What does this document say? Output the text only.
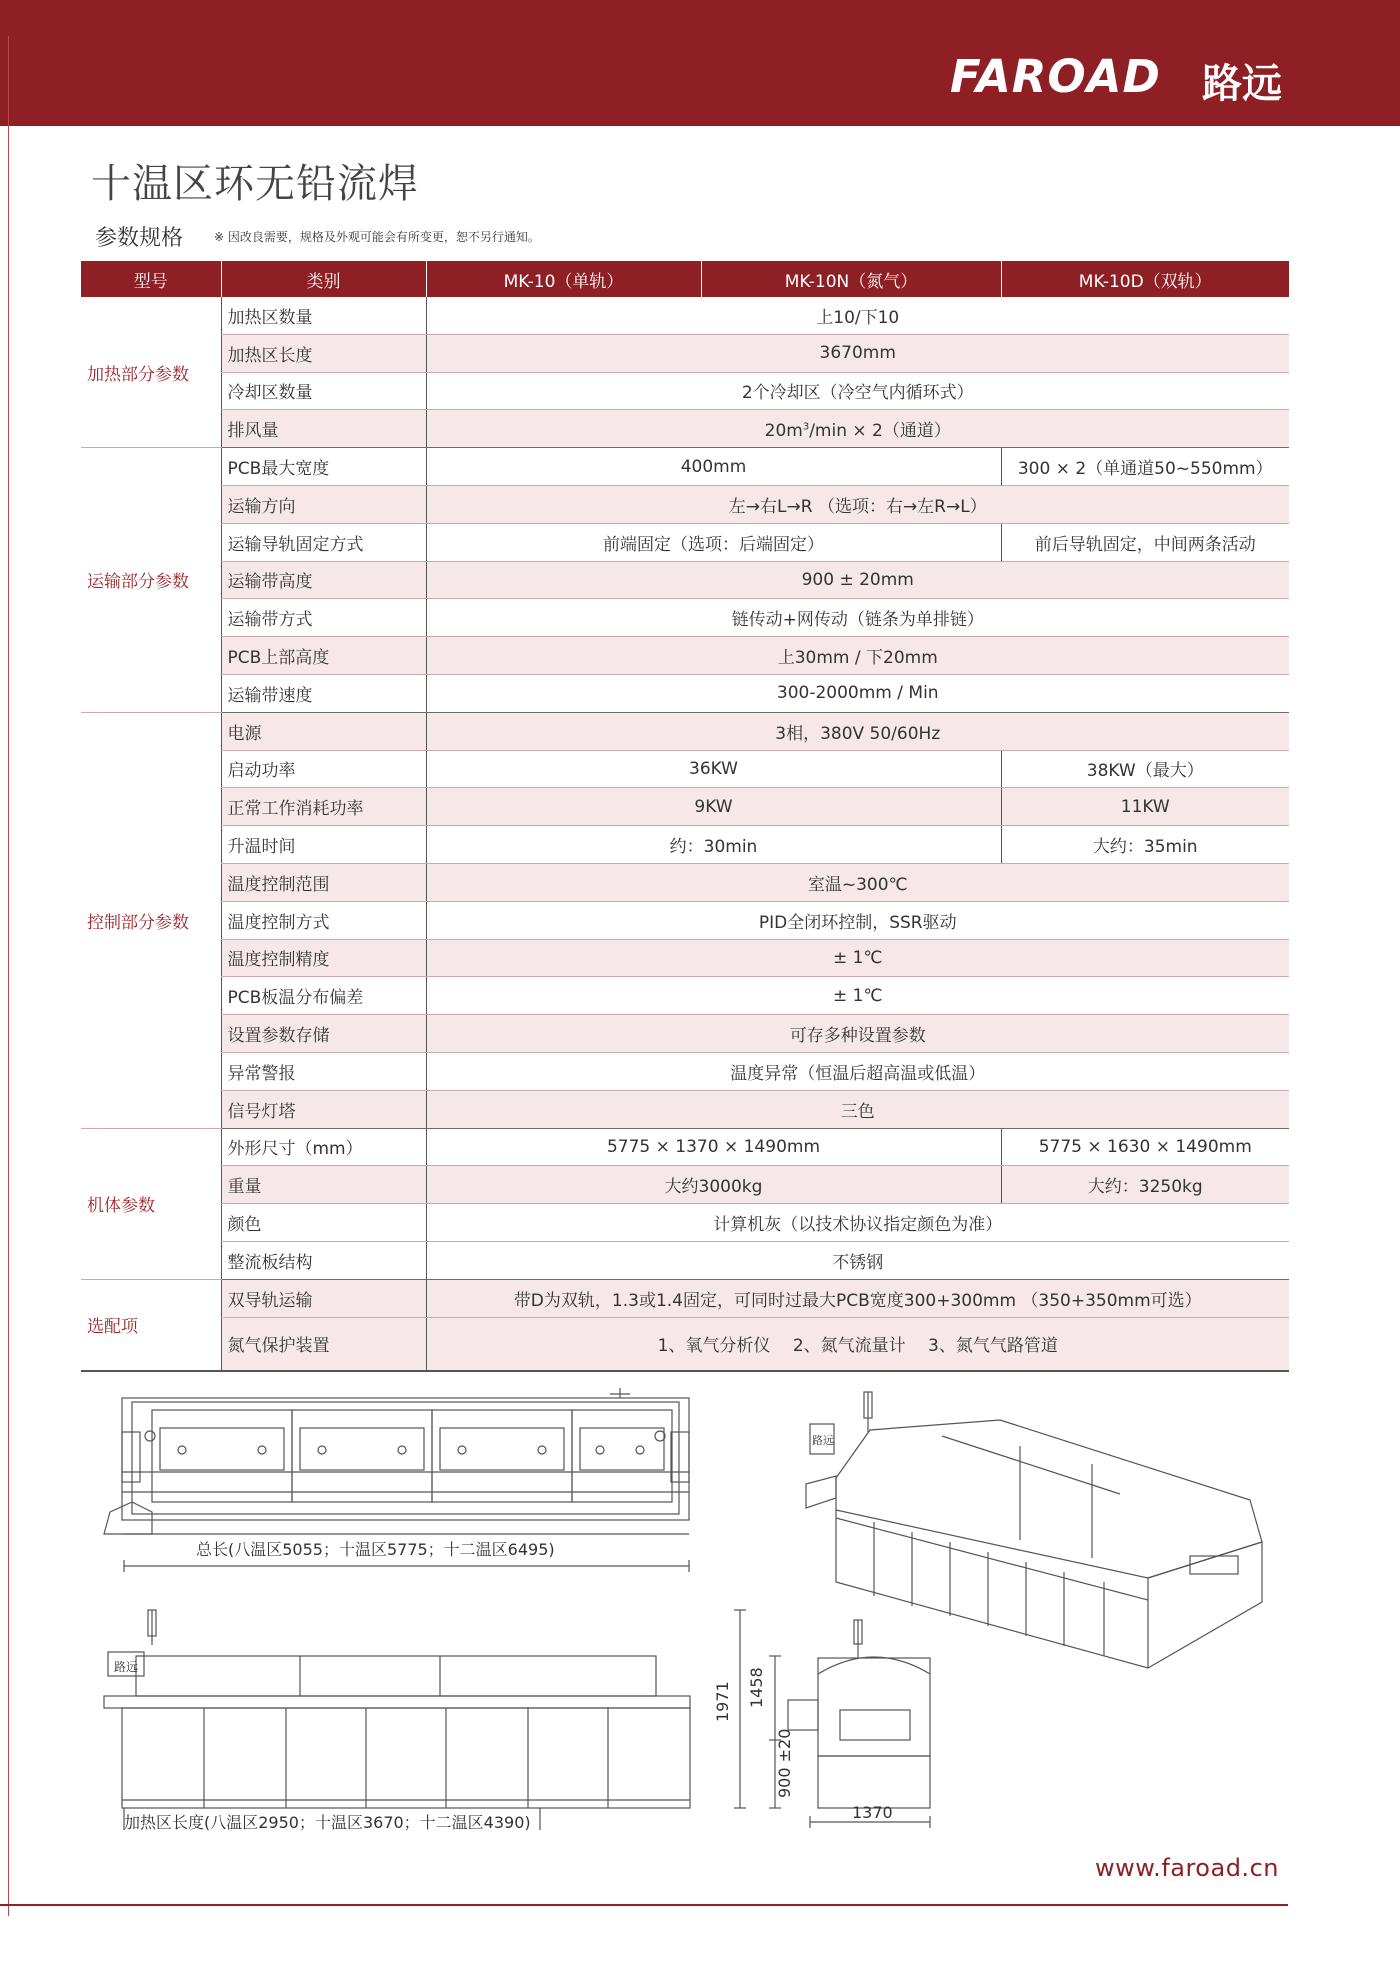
FAROAD 路远
十温区环无铅流焊
参数规格	※ 因改良需要，规格及外观可能会有所变更，恕不另行通知。
型号	类别	MK-10（单轨）	MK-10N（氮气）	MK-10D（双轨）
加热部分参数	加热区数量	上10/下10		
	加热区长度	3670mm		
	冷却区数量	2个冷却区（冷空气内循环式）		
	排风量	$20m^3/\min \times 2$（通道）		
运输部分参数	PCB最大宽度	400mm		300 × 2（单通道50~550mm）
	运输方向	左→右L→R （选项：右→左R→L）		
	运输导轨固定方式	前端固定（选项：后端固定）		前后导轨固定，中间两条活动
	运输带高度	900 ± 20mm		
	运输带方式	链传动+网传动（链条为单排链）		
	PCB上部高度	上30mm / 下20mm		
	运输带速度	300-2000mm / Min		
控制部分参数	电源	3相，380V 50/60Hz		
	启动功率	36KW		38KW（最大）
	正常工作消耗功率	9KW		11KW
	升温时间	约：30min		大约：35min
	温度控制范围	室温~300℃		
	温度控制方式	PID全闭环控制，SSR驱动		
	温度控制精度	± 1℃		
	PCB板温分布偏差	± 1℃		
	设置参数存储	可存多种设置参数		
	异常警报	温度异常（恒温后超高温或低温）		
	信号灯塔	三色		
机体参数	外形尺寸（mm）	5775 × 1370 × 1490mm		5775 × 1630 × 1490mm
	重量	大约3000kg		大约：3250kg
	颜色	计算机灰（以技术协议指定颜色为准）		
	整流板结构	不锈钢		
选配项	双导轨运输	带D为双轨，1.3或1.4固定，可同时过最大PCB宽度300+300mm （350+350mm可选）		
	氮气保护装置	1、氧气分析仪 　2、氮气流量计 　3、氮气气路管道		
总长(八温区5055；十温区5775；十二温区6495)
路远
加热区长度(八温区2950；十温区3670；十二温区4390)
1971 1458
900 ±20
1370
路远
www.faroad.cn
